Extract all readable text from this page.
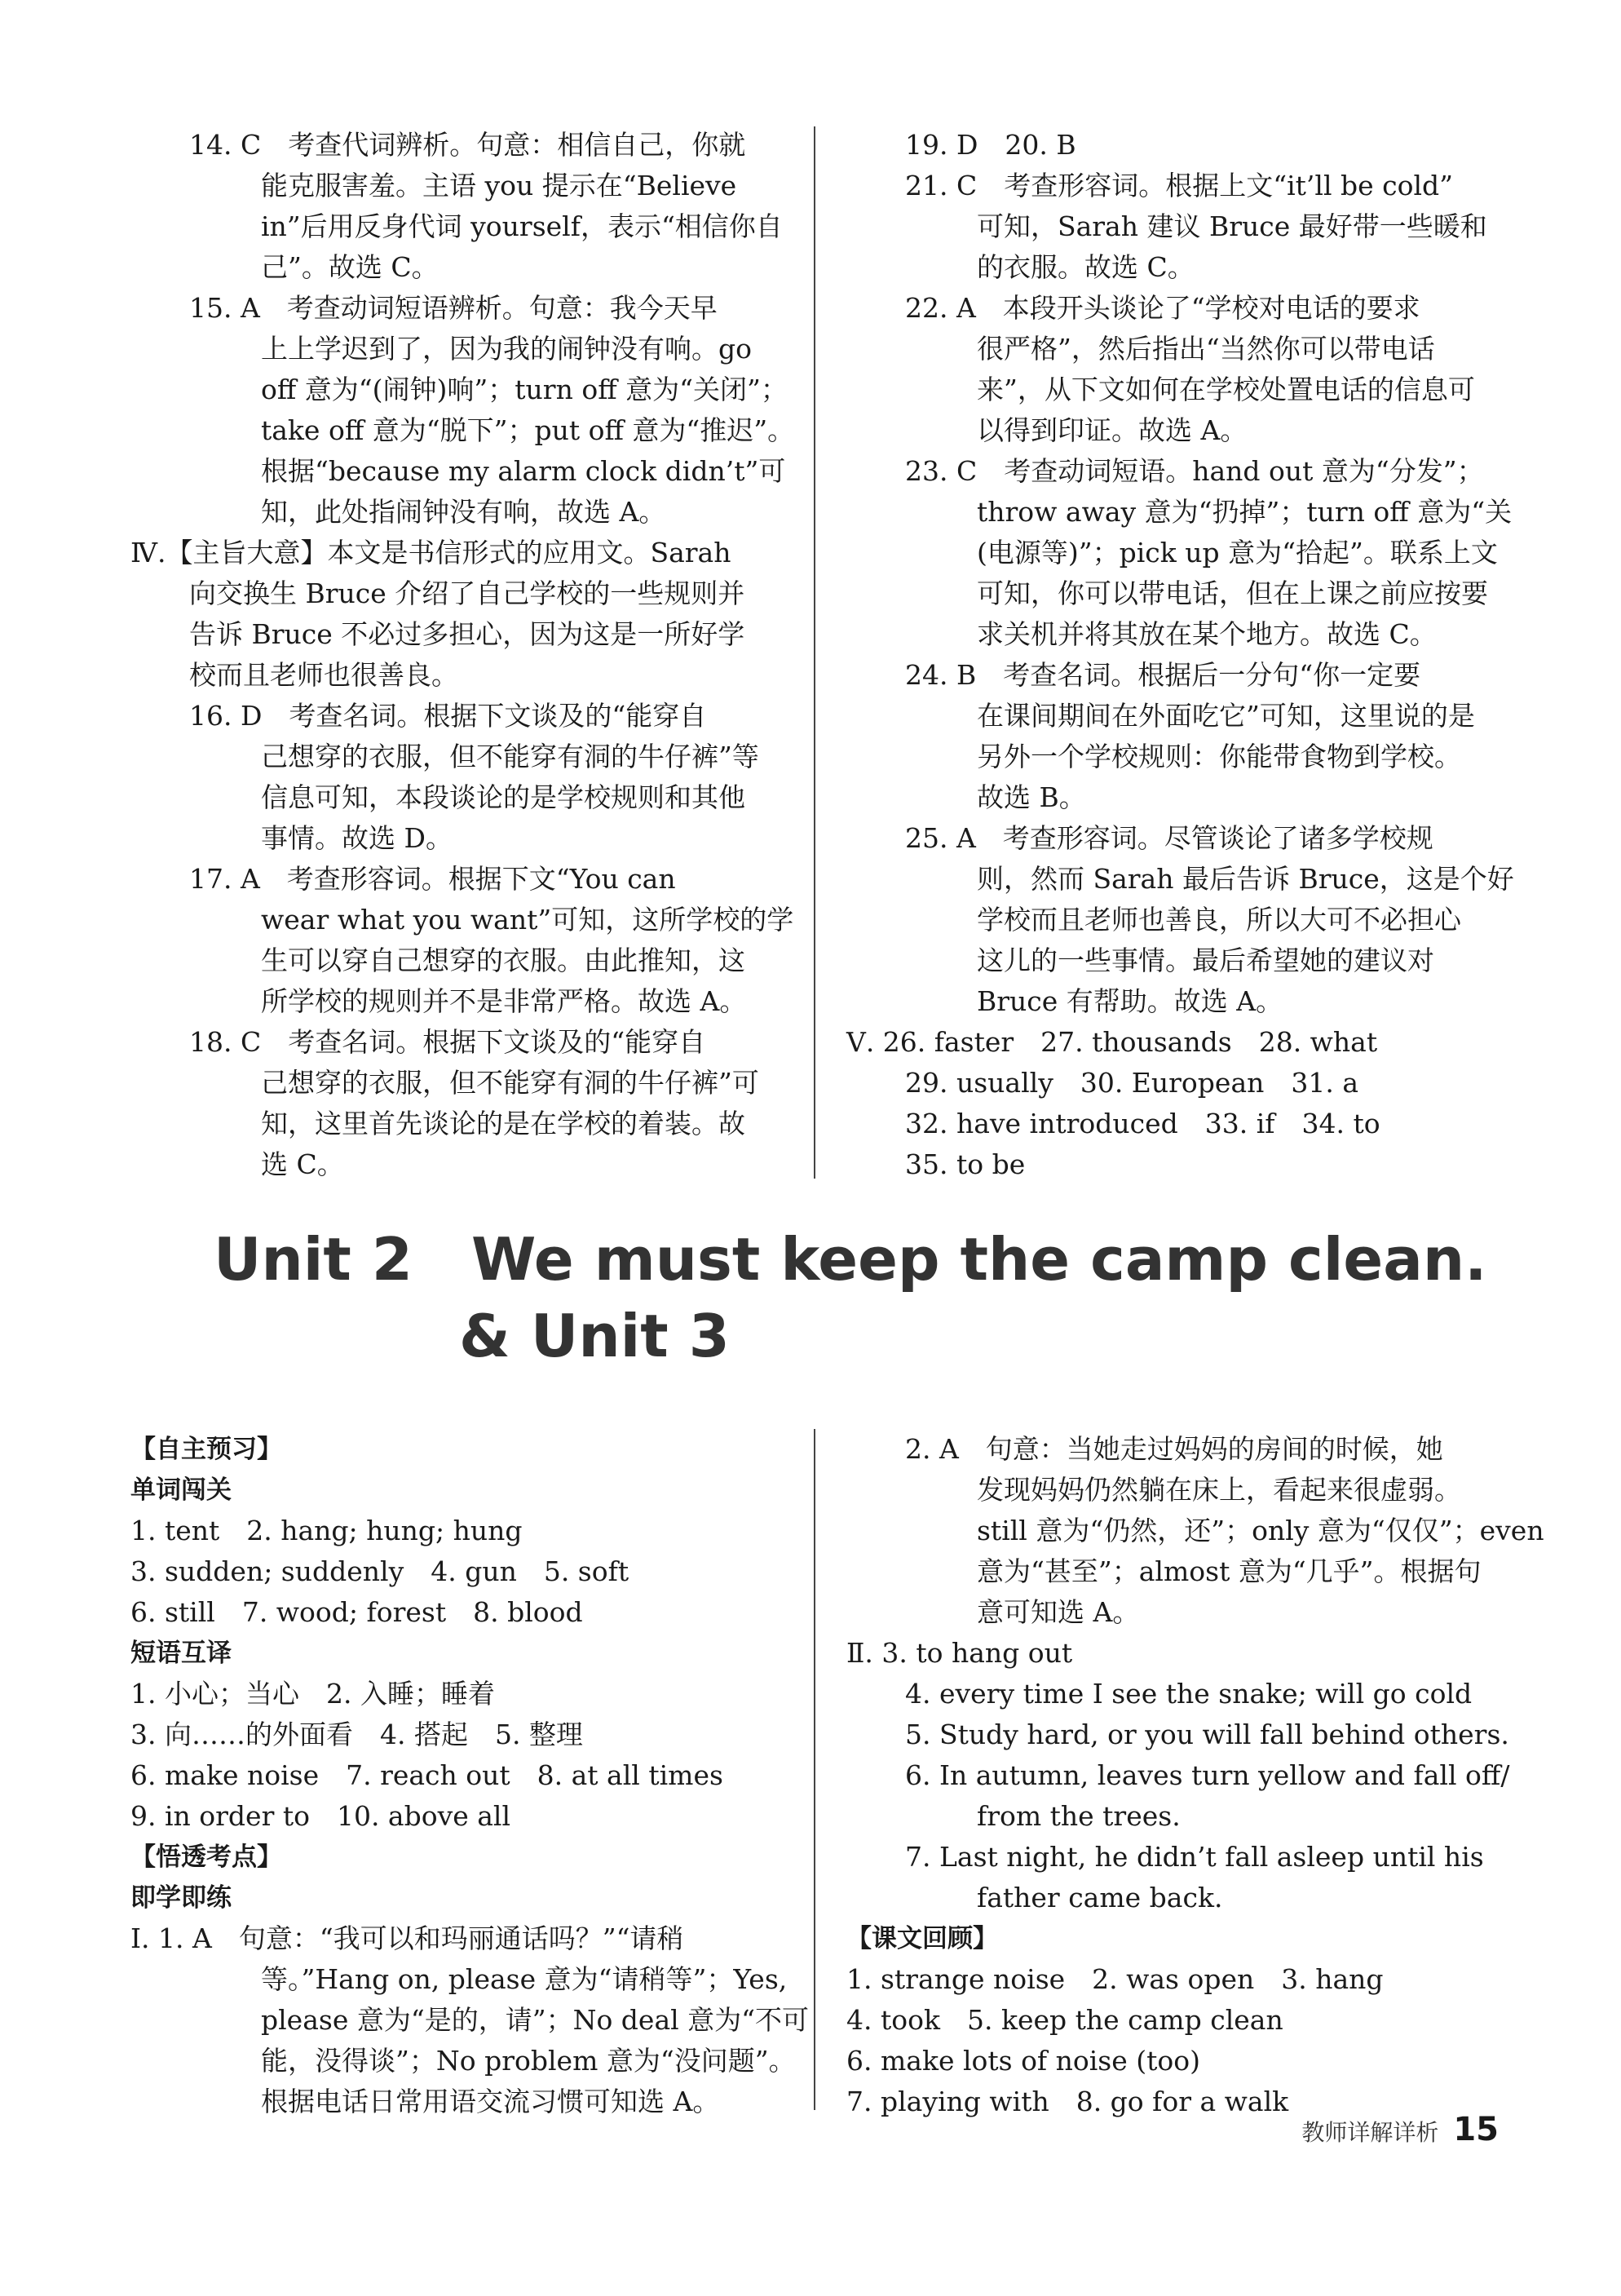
14. C　考查代词辨析。句意：相信自己，你就
能克服害羞。主语 you 提示在“Believe
in”后用反身代词 yourself，表示“相信你自
己”。故选 C。
15. A　考查动词短语辨析。句意：我今天早
上上学迟到了，因为我的闹钟没有响。go
off 意为“(闹钟)响”；turn off 意为“关闭”；
take off 意为“脱下”；put off 意为“推迟”。
根据“because my alarm clock didn’t”可
知，此处指闹钟没有响，故选 A。
Ⅳ.【主旨大意】本文是书信形式的应用文。Sarah
向交换生 Bruce 介绍了自己学校的一些规则并
告诉 Bruce 不必过多担心，因为这是一所好学
校而且老师也很善良。
16. D　考查名词。根据下文谈及的“能穿自
己想穿的衣服，但不能穿有洞的牛仔裤”等
信息可知，本段谈论的是学校规则和其他
事情。故选 D。
17. A　考查形容词。根据下文“You can
wear what you want”可知，这所学校的学
生可以穿自己想穿的衣服。由此推知，这
所学校的规则并不是非常严格。故选 A。
18. C　考查名词。根据下文谈及的“能穿自
己想穿的衣服，但不能穿有洞的牛仔裤”可
知，这里首先谈论的是在学校的着装。故
选 C。
19. D　20. B
21. C　考查形容词。根据上文“it’ll be cold”
可知，Sarah 建议 Bruce 最好带一些暖和
的衣服。故选 C。
22. A　本段开头谈论了“学校对电话的要求
很严格”，然后指出“当然你可以带电话
来”，从下文如何在学校处置电话的信息可
以得到印证。故选 A。
23. C　考查动词短语。hand out 意为“分发”；
throw away 意为“扔掉”；turn off 意为“关
(电源等)”；pick up 意为“拾起”。联系上文
可知，你可以带电话，但在上课之前应按要
求关机并将其放在某个地方。故选 C。
24. B　考查名词。根据后一分句“你一定要
在课间期间在外面吃它”可知，这里说的是
另外一个学校规则：你能带食物到学校。
故选 B。
25. A　考查形容词。尽管谈论了诸多学校规
则，然而 Sarah 最后告诉 Bruce，这是个好
学校而且老师也善良，所以大可不必担心
这儿的一些事情。最后希望她的建议对
Bruce 有帮助。故选 A。
Ⅴ. 26. faster　27. thousands　28. what
29. usually　30. European　31. a
32. have introduced　33. if　34. to
35. to be
Unit 2　We must keep the camp clean.
& Unit 3
【自主预习】
单词闯关
1. tent　2. hang; hung; hung
3. sudden; suddenly　4. gun　5. soft
6. still　7. wood; forest　8. blood
短语互译
1. 小心；当心　2. 入睡；睡着
3. 向……的外面看　4. 搭起　5. 整理
6. make noise　7. reach out　8. at all times
9. in order to　10. above all
【悟透考点】
即学即练
Ⅰ. 1. A　句意：“我可以和玛丽通话吗？”“请稍
等。”Hang on, please 意为“请稍等”；Yes,
please 意为“是的，请”；No deal 意为“不可
能，没得谈”；No problem 意为“没问题”。
根据电话日常用语交流习惯可知选 A。
2. A　句意：当她走过妈妈的房间的时候，她
发现妈妈仍然躺在床上，看起来很虚弱。
still 意为“仍然，还”；only 意为“仅仅”；even
意为“甚至”；almost 意为“几乎”。根据句
意可知选 A。
Ⅱ. 3. to hang out
4. every time I see the snake; will go cold
5. Study hard, or you will fall behind others.
6. In autumn, leaves turn yellow and fall off/
from the trees.
7. Last night, he didn’t fall asleep until his
father came back.
【课文回顾】
1. strange noise　2. was open　3. hang
4. took　5. keep the camp clean
6. make lots of noise (too)
7. playing with　8. go for a walk
教师详解详析 15
